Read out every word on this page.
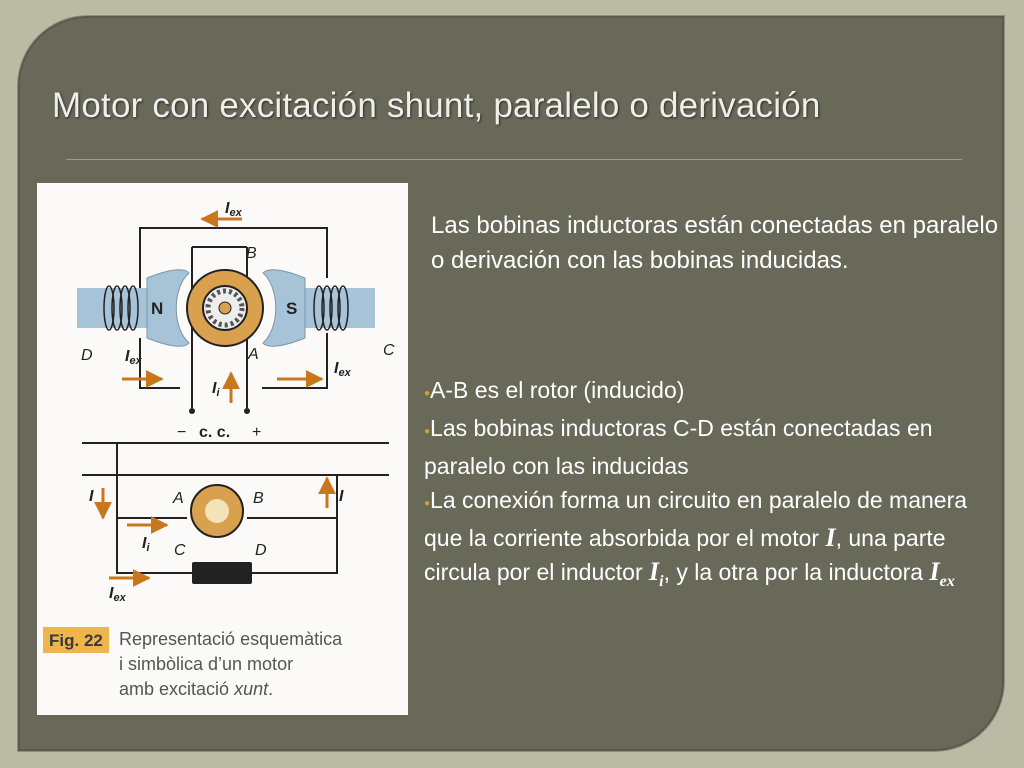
Motor con excitación shunt, paralelo o derivación
Iex
B
N	S
D	C
A
Iex	Iex
Ii
− c. c. +
I	I
A	B
Ii C	D
Iex
Fig. 22 Representació esquemàtica
i simbòlica d’un motor
amb excitació xunt.
Las bobinas inductoras están conectadas en paralelo o derivación con las bobinas inducidas.
●A-B es el rotor (inducido)
●Las bobinas inductoras C-D están conectadas en paralelo con las inducidas
●La conexión forma un circuito en paralelo de manera que la corriente absorbida por el motor I, una parte circula por el inductor $I_i$, y la otra por la inductora $I_{ex}$
